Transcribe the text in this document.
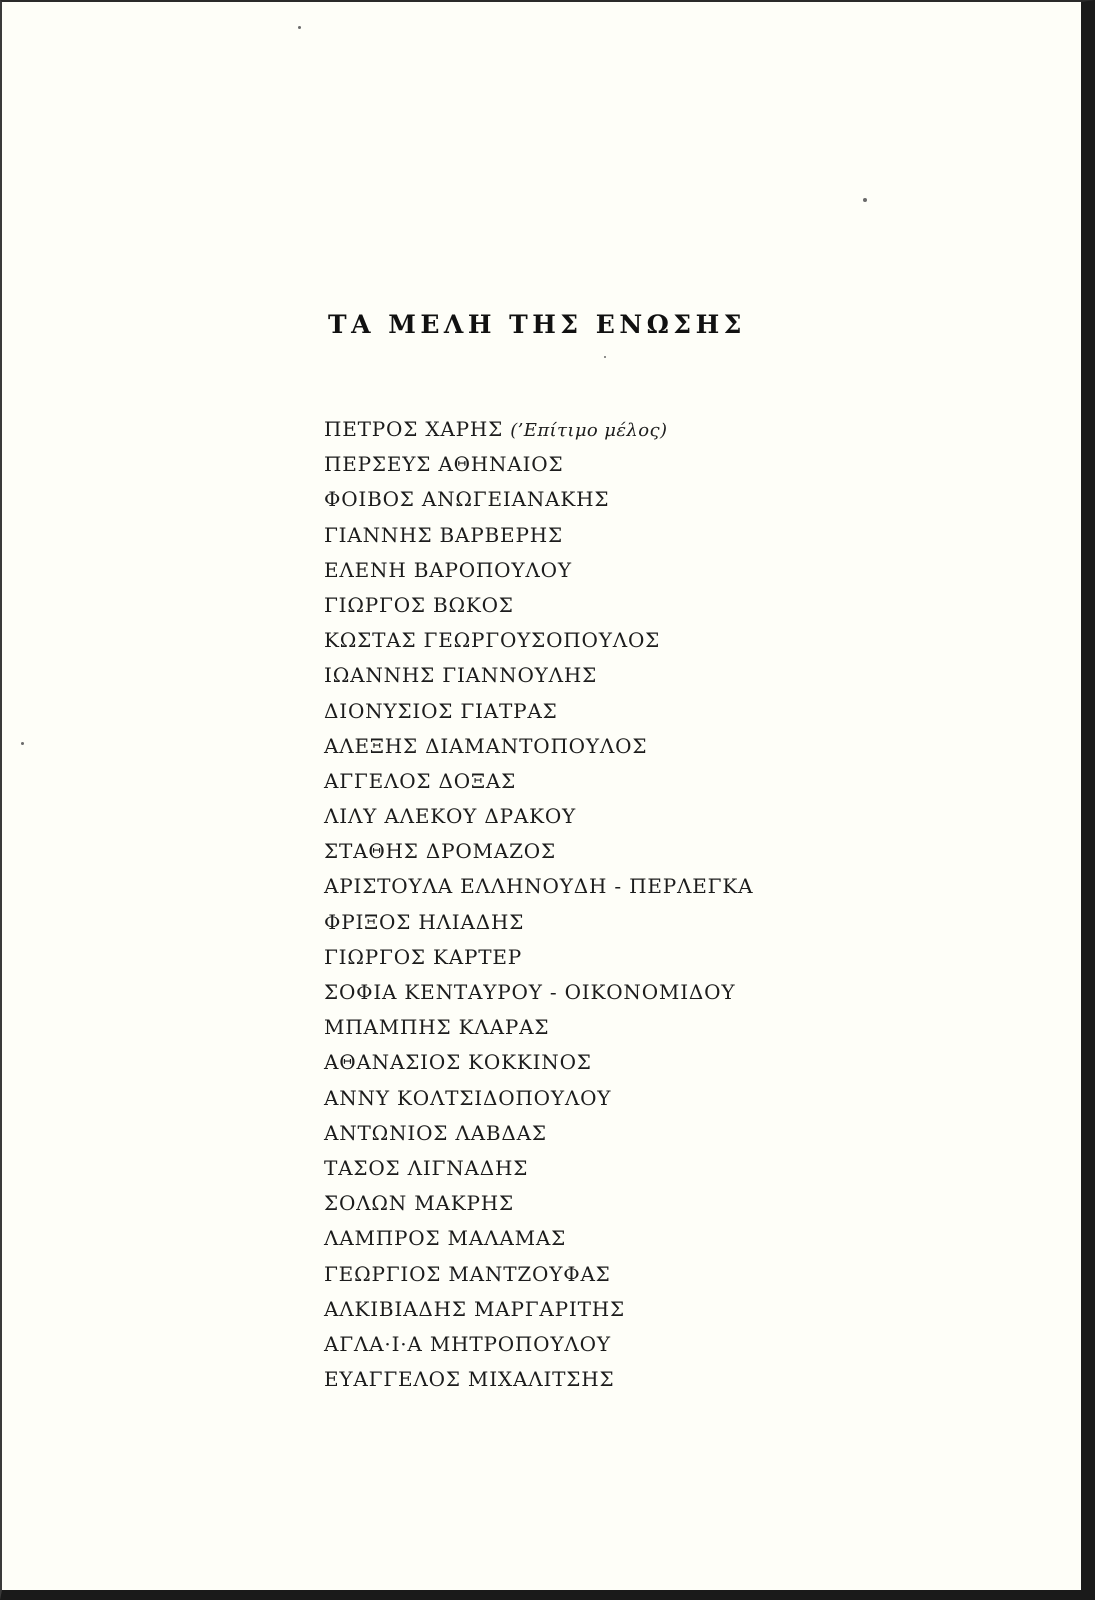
ΤΑ ΜΕΛΗ ΤΗΣ ΕΝΩΣΗΣ
ΠΕΤΡΟΣ ΧΑΡΗΣ (’Επίτιμο μέλος)
ΠΕΡΣΕΥΣ ΑΘΗΝΑΙΟΣ
ΦΟΙΒΟΣ ΑΝΩΓΕΙΑΝΑΚΗΣ
ΓΙΑΝΝΗΣ ΒΑΡΒΕΡΗΣ
ΕΛΕΝΗ ΒΑΡΟΠΟΥΛΟΥ
ΓΙΩΡΓΟΣ ΒΩΚΟΣ
ΚΩΣΤΑΣ ΓΕΩΡΓΟΥΣΟΠΟΥΛΟΣ
ΙΩΑΝΝΗΣ ΓΙΑΝΝΟΥΛΗΣ
ΔΙΟΝΥΣΙΟΣ ΓΙΑΤΡΑΣ
ΑΛΕΞΗΣ ΔΙΑΜΑΝΤΟΠΟΥΛΟΣ
ΑΓΓΕΛΟΣ ΔΟΞΑΣ
ΛΙΛΥ ΑΛΕΚΟΥ ΔΡΑΚΟΥ
ΣΤΑΘΗΣ ΔΡΟΜΑΖΟΣ
ΑΡΙΣΤΟΥΛΑ ΕΛΛΗΝΟΥΔΗ - ΠΕΡΛΕΓΚΑ
ΦΡΙΞΟΣ ΗΛΙΑΔΗΣ
ΓΙΩΡΓΟΣ ΚΑΡΤΕΡ
ΣΟΦΙΑ ΚΕΝΤΑΥΡΟΥ - ΟΙΚΟΝΟΜΙΔΟΥ
ΜΠΑΜΠΗΣ ΚΛΑΡΑΣ
ΑΘΑΝΑΣΙΟΣ ΚΟΚΚΙΝΟΣ
ΑΝΝΥ ΚΟΛΤΣΙΔΟΠΟΥΛΟΥ
ΑΝΤΩΝΙΟΣ ΛΑΒΔΑΣ
ΤΑΣΟΣ ΛΙΓΝΑΔΗΣ
ΣΟΛΩΝ ΜΑΚΡΗΣ
ΛΑΜΠΡΟΣ ΜΑΛΑΜΑΣ
ΓΕΩΡΓΙΟΣ ΜΑΝΤΖΟΥΦΑΣ
ΑΛΚΙΒΙΑΔΗΣ ΜΑΡΓΑΡΙΤΗΣ
ΑΓΛΑ·Ι·Α ΜΗΤΡΟΠΟΥΛΟΥ
ΕΥΑΓΓΕΛΟΣ ΜΙΧΑΛΙΤΣΗΣ
